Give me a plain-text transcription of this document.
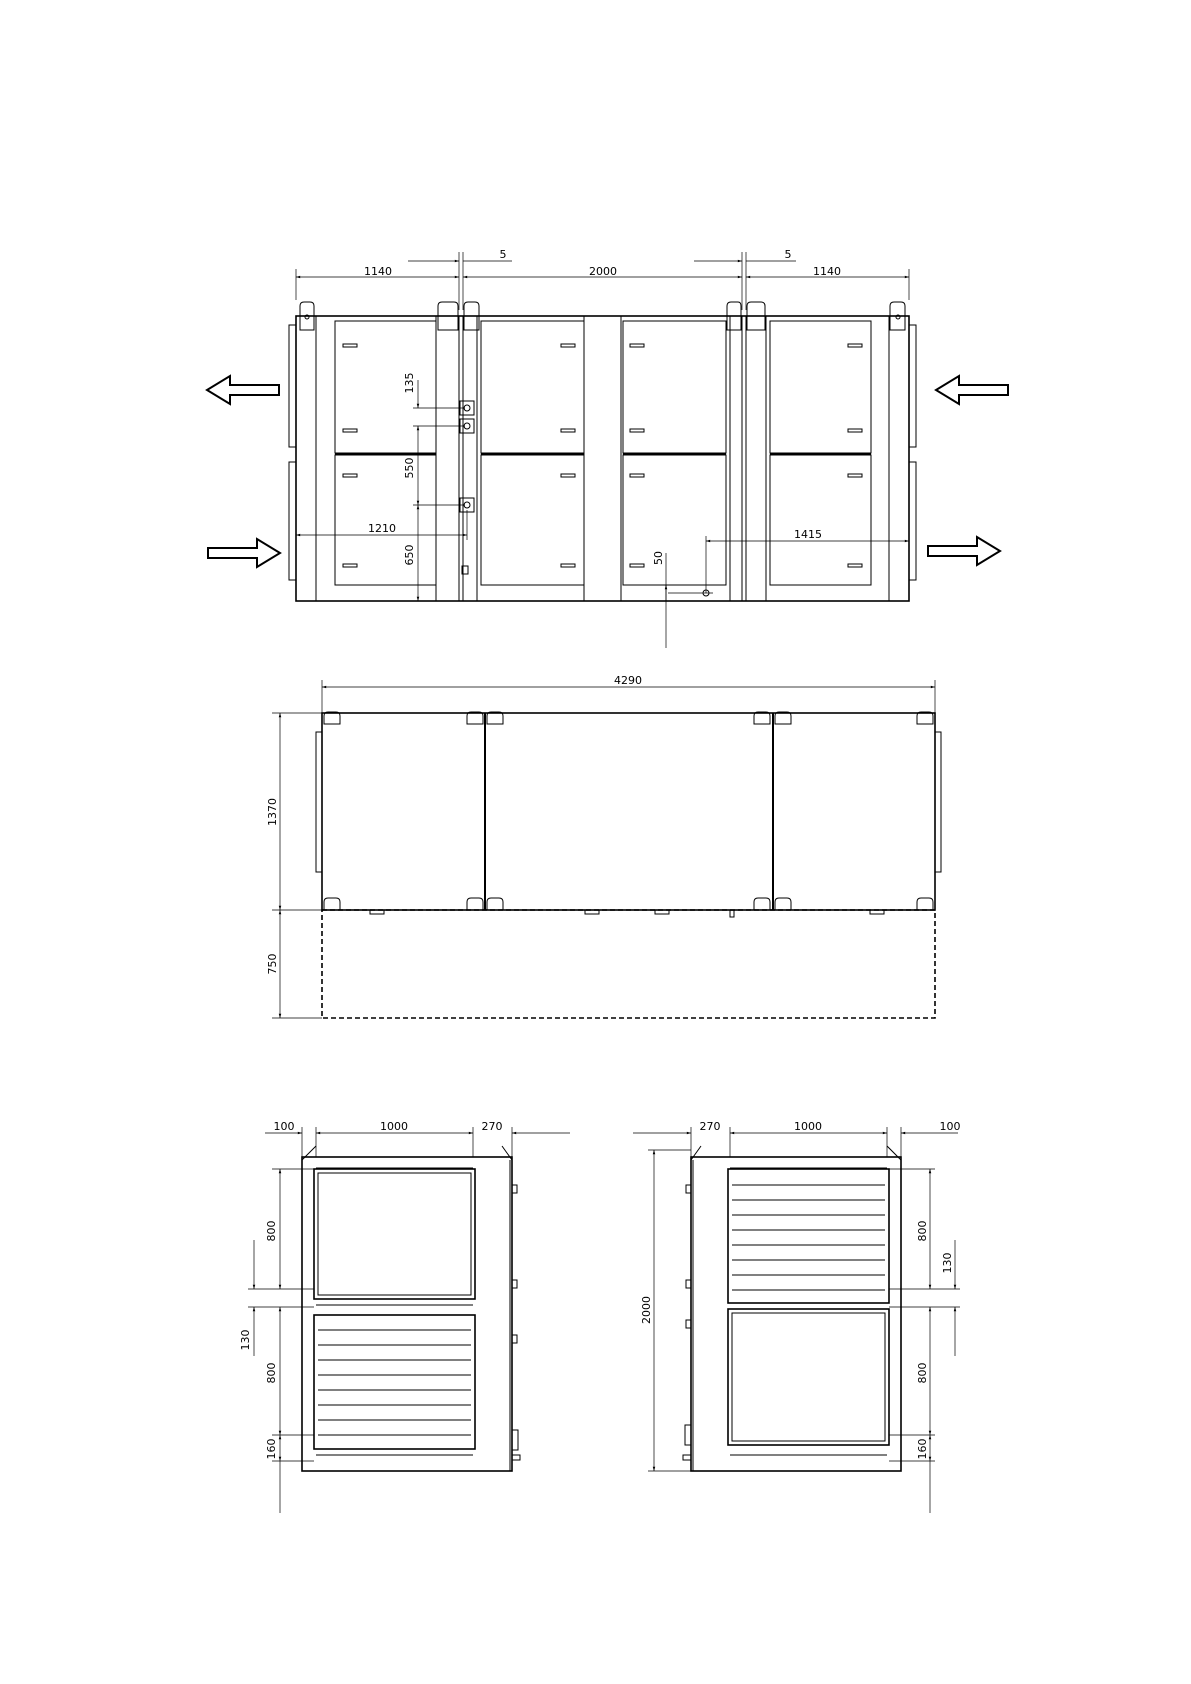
1140
5
2000
5
1140
135
550
650
1210	1415
50
4290
1370
750
100	1000	270
800
130
800
160
270	1000	100
2000
800
130
800
160
